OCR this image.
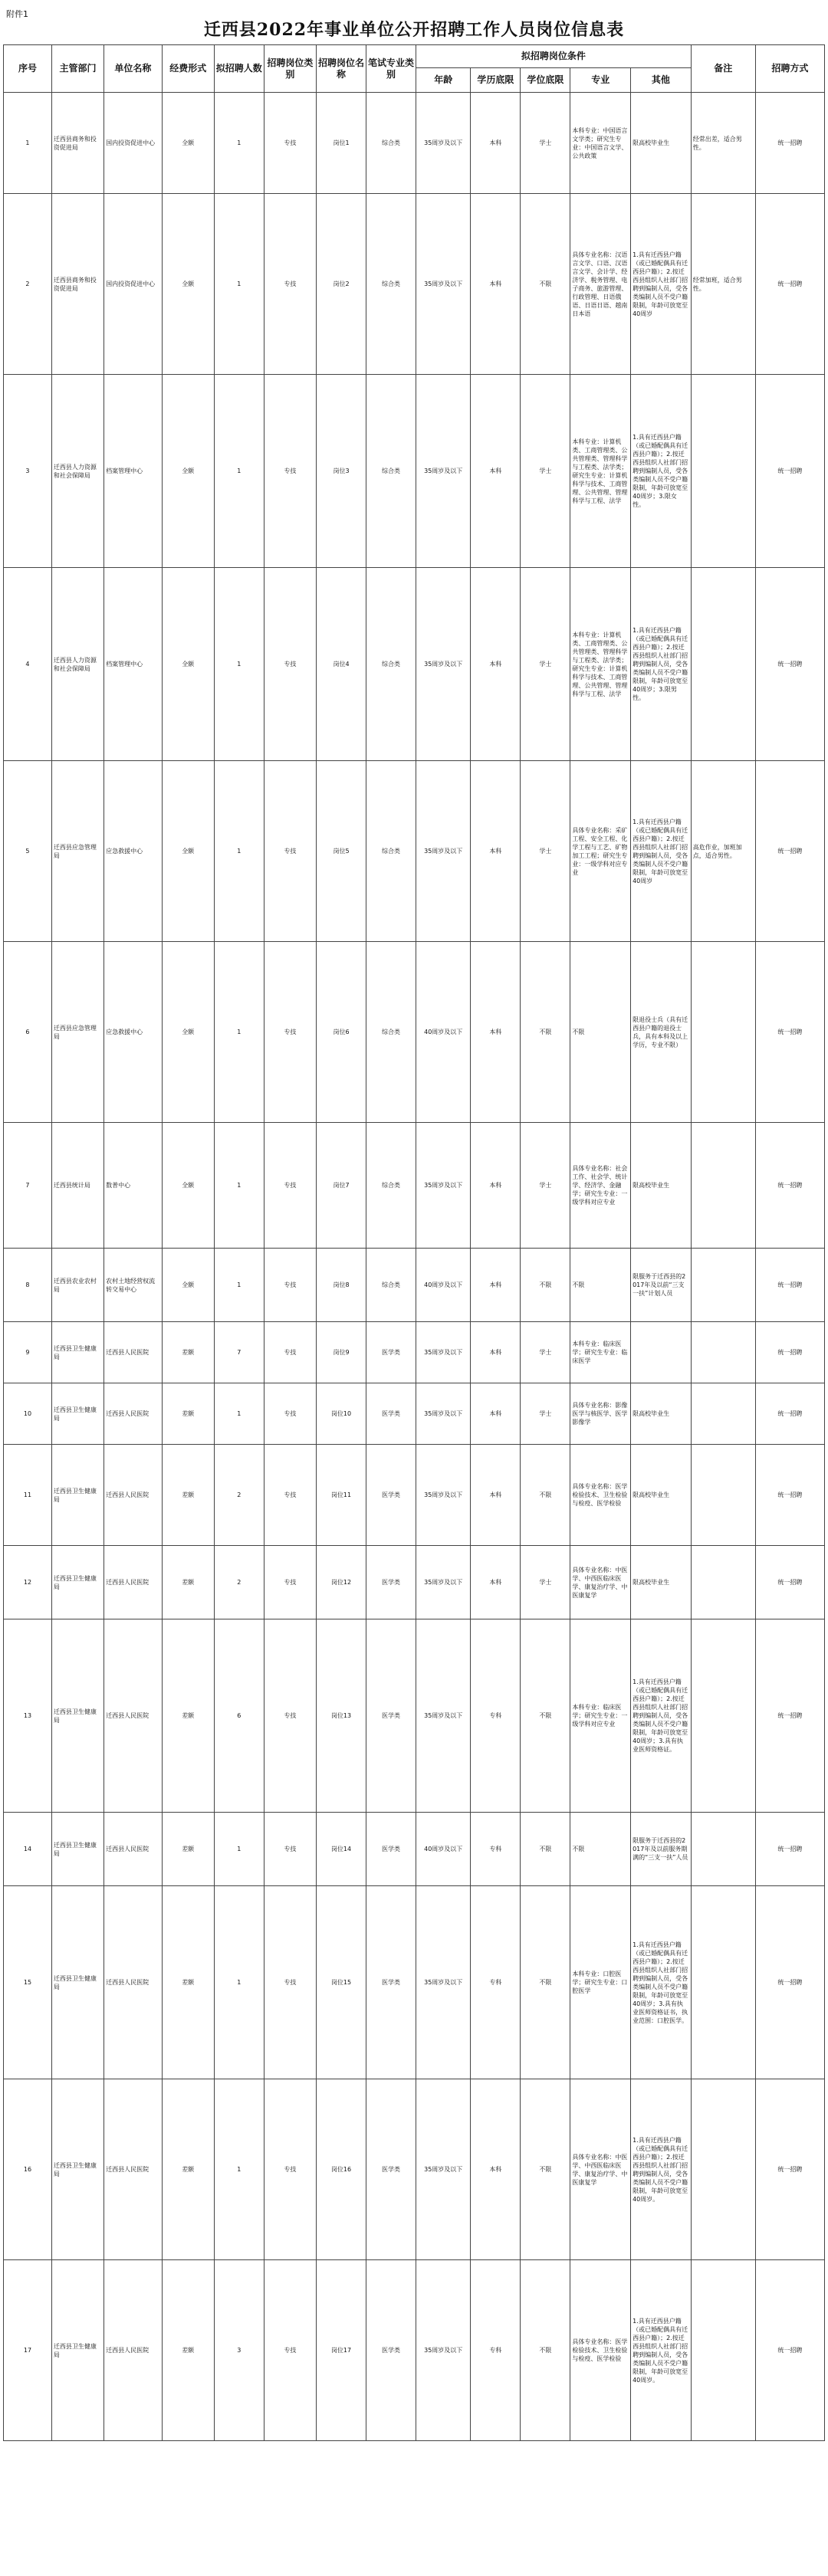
附件1
迁西县2022年事业单位公开招聘工作人员岗位信息表
序号	主管部门	单位名称	经费形式	拟招聘人数	招聘岗位类别	招聘岗位名称	笔试专业类别	拟招聘岗位条件					备注	招聘方式
								年龄	学历底限	学位底限	专业	其他		
1	迁西县商务和投资促进局	国内投资促进中心	全额	1	专技	岗位1	综合类	35周岁及以下	本科	学士	本科专业：中国语言文学类；研究生专业：中国语言文学、公共政策	限高校毕业生	经常出差，适合男性。	统一招聘
2	迁西县商务和投资促进局	国内投资促进中心	全额	1	专技	岗位2	综合类	35周岁及以下	本科	不限	具体专业名称：汉语言文学、口语、汉语言文学、会计学、经济学、税务管理、电子商务、旅游管理、行政管理、日语俄语、日语日语、越南日本语	1.具有迁西县户籍（或已婚配偶具有迁西县户籍）；2.按迁西县组织人社部门招聘到编制人员，受各类编制人员不受户籍限制，年龄可放宽至40周岁	经常加班，适合男性。	统一招聘
3	迁西县人力资源和社会保障局	档案管理中心	全额	1	专技	岗位3	综合类	35周岁及以下	本科	学士	本科专业：计算机类、工商管理类、公共管理类、管理科学与工程类、法学类；研究生专业：计算机科学与技术、工商管理、公共管理、管理科学与工程、法学	1.具有迁西县户籍（或已婚配偶具有迁西县户籍）；2.按迁西县组织人社部门招聘到编制人员，受各类编制人员不受户籍限制，年龄可放宽至40周岁；3.限女性。		统一招聘
4	迁西县人力资源和社会保障局	档案管理中心	全额	1	专技	岗位4	综合类	35周岁及以下	本科	学士	本科专业：计算机类、工商管理类、公共管理类、管理科学与工程类、法学类；研究生专业：计算机科学与技术、工商管理、公共管理、管理科学与工程、法学	1.具有迁西县户籍（或已婚配偶具有迁西县户籍）；2.按迁西县组织人社部门招聘到编制人员，受各类编制人员不受户籍限制，年龄可放宽至40周岁；3.限男性。		统一招聘
5	迁西县应急管理局	应急救援中心	全额	1	专技	岗位5	综合类	35周岁及以下	本科	学士	具体专业名称：采矿工程、安全工程、化学工程与工艺、矿物加工工程；研究生专业：一级学科对应专业	1.具有迁西县户籍（或已婚配偶具有迁西县户籍）；2.按迁西县组织人社部门招聘到编制人员，受各类编制人员不受户籍限制，年龄可放宽至40周岁	高危作业，加班加点，适合男性。	统一招聘
6	迁西县应急管理局	应急救援中心	全额	1	专技	岗位6	综合类	40周岁及以下	本科	不限	不限	限退役士兵（具有迁西县户籍的退役士兵，具有本科及以上学历，专业不限）		统一招聘
7	迁西县统计局	数普中心	全额	1	专技	岗位7	综合类	35周岁及以下	本科	学士	具体专业名称：社会工作、社会学、统计学、经济学、金融学；研究生专业：一级学科对应专业	限高校毕业生		统一招聘
8	迁西县农业农村局	农村土地经营权流转交易中心	全额	1	专技	岗位8	综合类	40周岁及以下	本科	不限	不限	限服务于迁西县的2017年及以前“三支一扶”计划人员		统一招聘
9	迁西县卫生健康局	迁西县人民医院	差额	7	专技	岗位9	医学类	35周岁及以下	本科	学士	本科专业：临床医学；研究生专业：临床医学			统一招聘
10	迁西县卫生健康局	迁西县人民医院	差额	1	专技	岗位10	医学类	35周岁及以下	本科	学士	具体专业名称：影像医学与核医学、医学影像学	限高校毕业生		统一招聘
11	迁西县卫生健康局	迁西县人民医院	差额	2	专技	岗位11	医学类	35周岁及以下	本科	不限	具体专业名称：医学检验技术、卫生检验与检疫、医学检验	限高校毕业生		统一招聘
12	迁西县卫生健康局	迁西县人民医院	差额	2	专技	岗位12	医学类	35周岁及以下	本科	学士	具体专业名称：中医学、中西医临床医学、康复治疗学、中医康复学	限高校毕业生		统一招聘
13	迁西县卫生健康局	迁西县人民医院	差额	6	专技	岗位13	医学类	35周岁及以下	专科	不限	本科专业：临床医学；研究生专业：一级学科对应专业	1.具有迁西县户籍（或已婚配偶具有迁西县户籍）；2.按迁西县组织人社部门招聘到编制人员，受各类编制人员不受户籍限制，年龄可放宽至40周岁；3.具有执业医师资格证。		统一招聘
14	迁西县卫生健康局	迁西县人民医院	差额	1	专技	岗位14	医学类	40周岁及以下	专科	不限	不限	限服务于迁西县的2017年及以前服务期满的“三支一扶”人员		统一招聘
15	迁西县卫生健康局	迁西县人民医院	差额	1	专技	岗位15	医学类	35周岁及以下	专科	不限	本科专业：口腔医学；研究生专业：口腔医学	1.具有迁西县户籍（或已婚配偶具有迁西县户籍）；2.按迁西县组织人社部门招聘到编制人员，受各类编制人员不受户籍限制，年龄可放宽至40周岁；3.具有执业医师资格证书，执业范围：口腔医学。		统一招聘
16	迁西县卫生健康局	迁西县人民医院	差额	1	专技	岗位16	医学类	35周岁及以下	本科	不限	具体专业名称：中医学、中西医临床医学、康复治疗学、中医康复学	1.具有迁西县户籍（或已婚配偶具有迁西县户籍）；2.按迁西县组织人社部门招聘到编制人员，受各类编制人员不受户籍限制，年龄可放宽至40周岁。		统一招聘
17	迁西县卫生健康局	迁西县人民医院	差额	3	专技	岗位17	医学类	35周岁及以下	专科	不限	具体专业名称：医学检验技术、卫生检验与检疫、医学检验	1.具有迁西县户籍（或已婚配偶具有迁西县户籍）；2.按迁西县组织人社部门招聘到编制人员，受各类编制人员不受户籍限制，年龄可放宽至40周岁。		统一招聘
